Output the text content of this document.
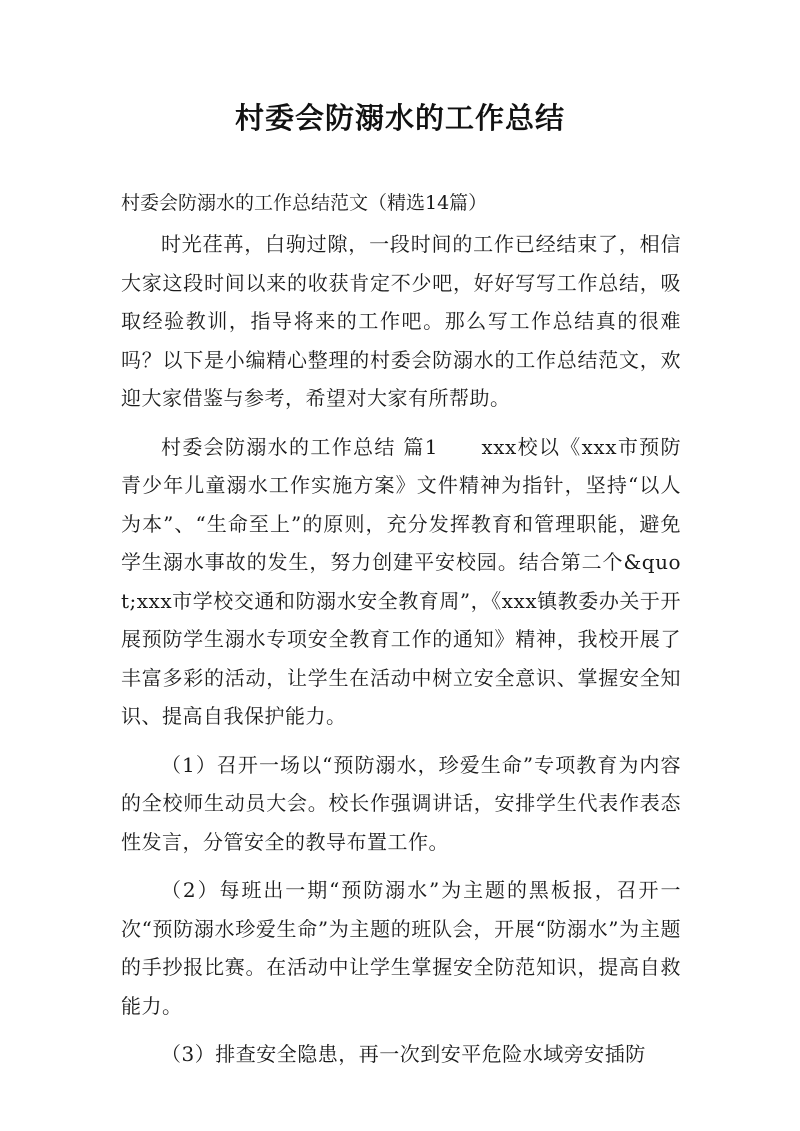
村委会防溺水的工作总结

村委会防溺水的工作总结范文（精选14篇）

时光荏苒，白驹过隙，一段时间的工作已经结束了，相信大家这段时间以来的收获肯定不少吧，好好写写工作总结，吸取经验教训，指导将来的工作吧。那么写工作总结真的很难吗？以下是小编精心整理的村委会防溺水的工作总结范文，欢迎大家借鉴与参考，希望对大家有所帮助。

村委会防溺水的工作总结 篇1　　xxx校以《xxx市预防青少年儿童溺水工作实施方案》文件精神为指针，坚持“以人为本”、“生命至上”的原则，充分发挥教育和管理职能，避免学生溺水事故的发生，努力创建平安校园。结合第二个&quot;xxx市学校交通和防溺水安全教育周”，《xxx镇教委办关于开展预防学生溺水专项安全教育工作的通知》精神，我校开展了丰富多彩的活动，让学生在活动中树立安全意识、掌握安全知识、提高自我保护能力。

（1）召开一场以“预防溺水，珍爱生命”专项教育为内容的全校师生动员大会。校长作强调讲话，安排学生代表作表态性发言，分管安全的教导布置工作。

（2）每班出一期“预防溺水”为主题的黑板报，召开一次“预防溺水珍爱生命”为主题的班队会，开展“防溺水”为主题的手抄报比赛。在活动中让学生掌握安全防范知识，提高自救能力。

（3）排查安全隐患，再一次到安平危险水域旁安插防
